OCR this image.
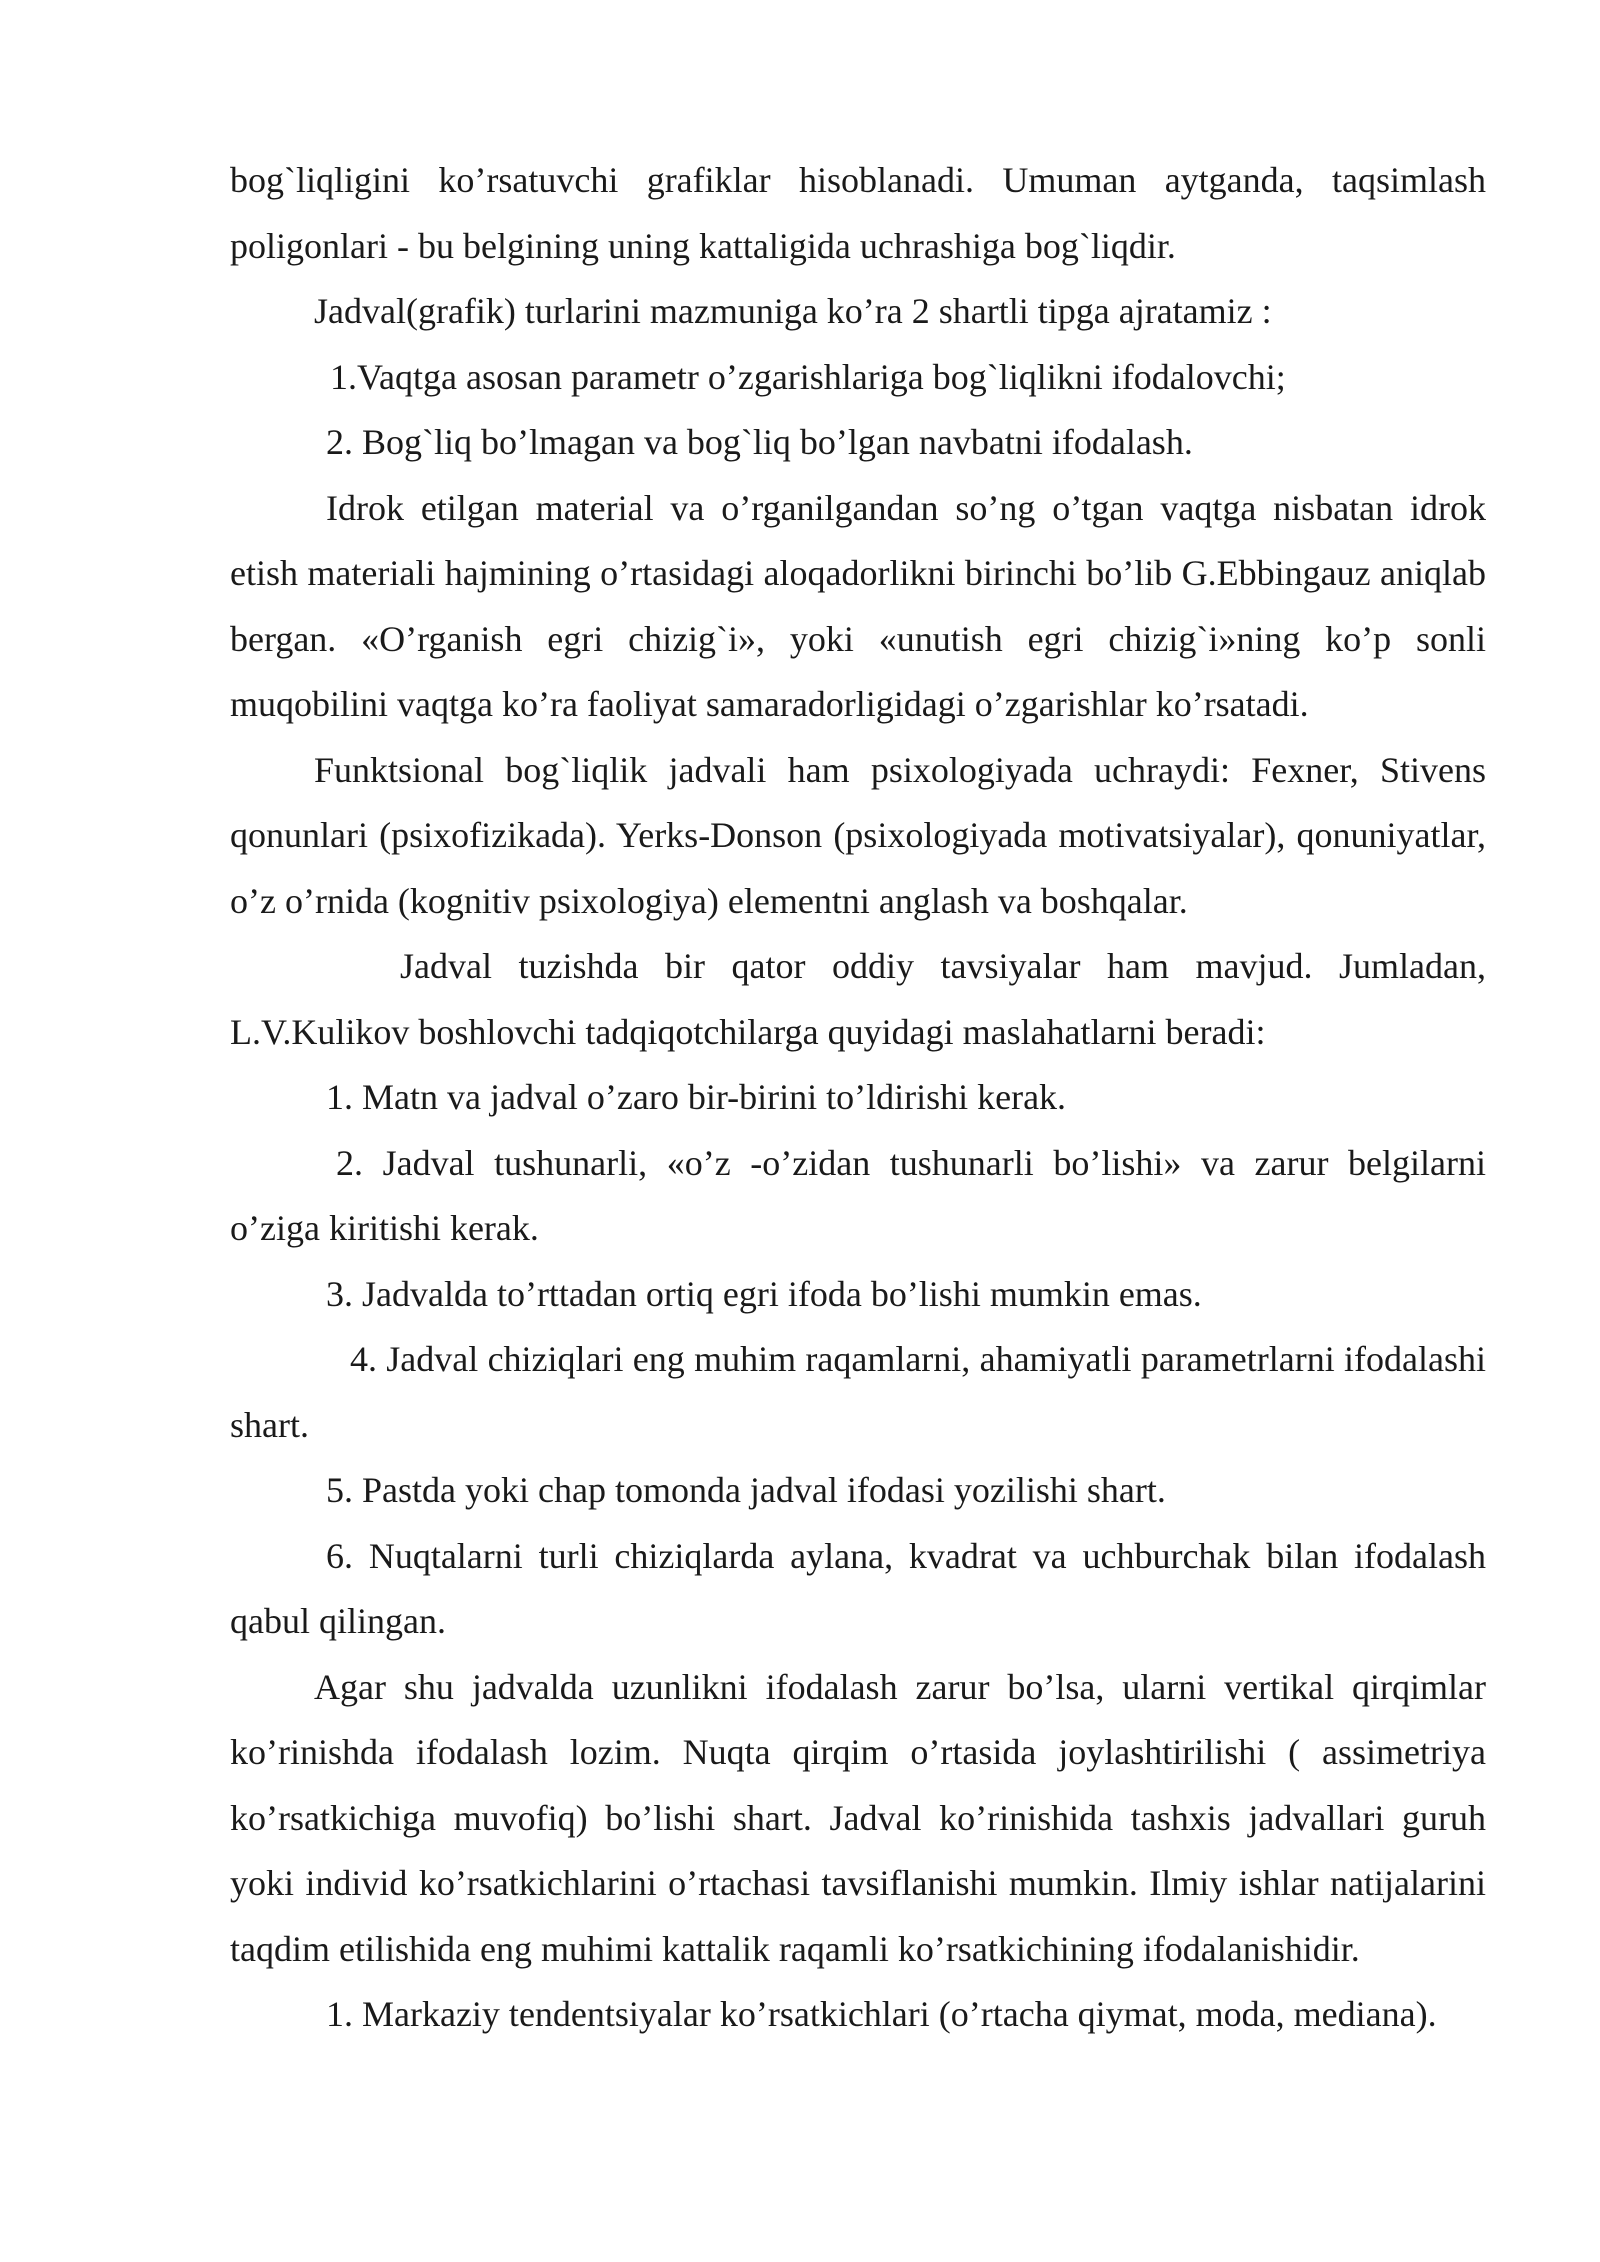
bog`liqligini ko’rsatuvchi grafiklar hisoblanadi. Umuman aytganda, taqsimlash poligonlari - bu belgining uning kattaligida uchrashiga bog`liqdir.

Jadval(grafik) turlarini mazmuniga ko’ra 2 shartli tipga ajratamiz :

1.Vaqtga asosan parametr o’zgarishlariga bog`liqlikni ifodalovchi;

2. Bog`liq bo’lmagan va bog`liq bo’lgan navbatni ifodalash.

Idrok etilgan material va o’rganilgandan so’ng o’tgan vaqtga nisbatan idrok etish materiali hajmining o’rtasidagi aloqadorlikni birinchi bo’lib G.Ebbingauz aniqlab bergan. «O’rganish egri chizig`i», yoki «unutish egri chizig`i»ning ko’p sonli muqobilini vaqtga ko’ra faoliyat samaradorligidagi o’zgarishlar ko’rsatadi.

Funktsional bog`liqlik jadvali ham psixologiyada uchraydi: Fexner, Stivens qonunlari (psixofizikada). Yerks-Donson (psixologiyada motivatsiyalar), qonuniyatlar, o’z o’rnida (kognitiv psixologiya) elementni anglash va boshqalar.

Jadval tuzishda bir qator oddiy tavsiyalar ham mavjud. Jumladan, L.V.Kulikov boshlovchi tadqiqotchilarga quyidagi maslahatlarni beradi:

1. Matn va jadval o’zaro bir-birini to’ldirishi kerak.

2. Jadval tushunarli, «o’z -o’zidan tushunarli bo’lishi» va zarur belgilarni o’ziga kiritishi kerak.

3. Jadvalda to’rttadan ortiq egri ifoda bo’lishi mumkin emas.

4. Jadval chiziqlari eng muhim raqamlarni, ahamiyatli parametrlarni ifodalashi shart.

5. Pastda yoki chap tomonda jadval ifodasi yozilishi shart.

6. Nuqtalarni turli chiziqlarda aylana, kvadrat va uchburchak bilan ifodalash qabul qilingan.

Agar shu jadvalda uzunlikni ifodalash zarur bo’lsa, ularni vertikal qirqimlar ko’rinishda ifodalash lozim. Nuqta qirqim o’rtasida joylashtirilishi ( assimetriya ko’rsatkichiga muvofiq) bo’lishi shart. Jadval ko’rinishida tashxis jadvallari guruh yoki individ ko’rsatkichlarini o’rtachasi tavsiflanishi mumkin. Ilmiy ishlar natijalarini taqdim etilishida eng muhimi kattalik raqamli ko’rsatkichining ifodalanishidir.

1. Markaziy tendentsiyalar ko’rsatkichlari (o’rtacha qiymat, moda, mediana).
